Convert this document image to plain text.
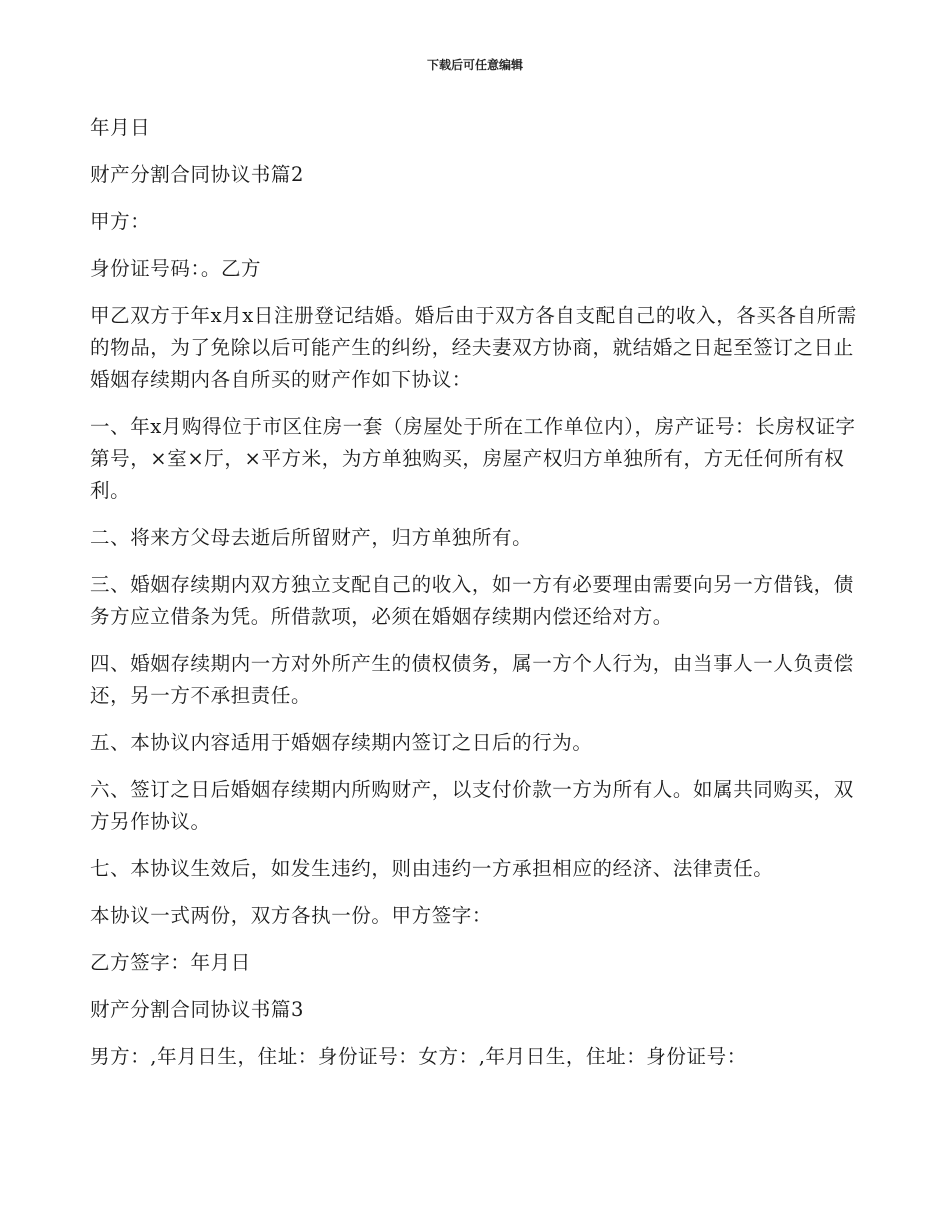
下载后可任意编辑

年月日

财产分割合同协议书篇2

甲方：

身份证号码：。乙方

甲乙双方于年x月x日注册登记结婚。婚后由于双方各自支配自己的收入，各买各自所需的物品，为了免除以后可能产生的纠纷，经夫妻双方协商，就结婚之日起至签订之日止婚姻存续期内各自所买的财产作如下协议：

一、年x月购得位于市区住房一套（房屋处于所在工作单位内），房产证号：长房权证字第号，×室×厅，×平方米，为方单独购买，房屋产权归方单独所有，方无任何所有权利。

二、将来方父母去逝后所留财产，归方单独所有。

三、婚姻存续期内双方独立支配自己的收入，如一方有必要理由需要向另一方借钱，债务方应立借条为凭。所借款项，必须在婚姻存续期内偿还给对方。

四、婚姻存续期内一方对外所产生的债权债务，属一方个人行为，由当事人一人负责偿还，另一方不承担责任。

五、本协议内容适用于婚姻存续期内签订之日后的行为。

六、签订之日后婚姻存续期内所购财产，以支付价款一方为所有人。如属共同购买，双方另作协议。

七、本协议生效后，如发生违约，则由违约一方承担相应的经济、法律责任。

本协议一式两份，双方各执一份。甲方签字：

乙方签字：年月日

财产分割合同协议书篇3

男方：,年月日生，住址：身份证号：女方：,年月日生，住址：身份证号：
